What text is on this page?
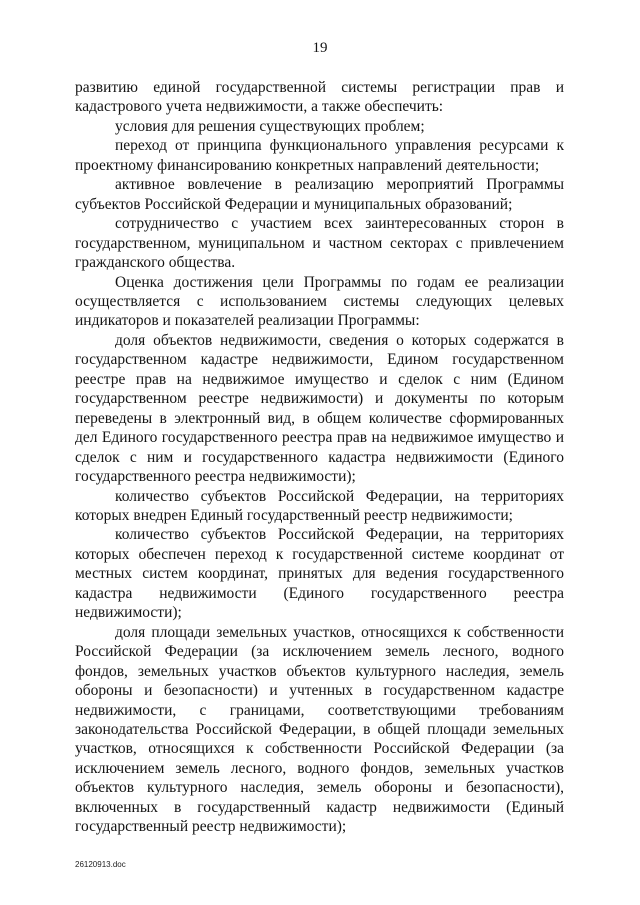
19

развитию единой государственной системы регистрации прав и кадастрового учета недвижимости, а также обеспечить:

условия для решения существующих проблем;

переход от принципа функционального управления ресурсами к проектному финансированию конкретных направлений деятельности;

активное вовлечение в реализацию мероприятий Программы субъектов Российской Федерации и муниципальных образований;

сотрудничество с участием всех заинтересованных сторон в государственном, муниципальном и частном секторах с привлечением гражданского общества.

Оценка достижения цели Программы по годам ее реализации осуществляется с использованием системы следующих целевых индикаторов и показателей реализации Программы:

доля объектов недвижимости, сведения о которых содержатся в государственном кадастре недвижимости, Едином государственном реестре прав на недвижимое имущество и сделок с ним (Едином государственном реестре недвижимости) и документы по которым переведены в электронный вид, в общем количестве сформированных дел Единого государственного реестра прав на недвижимое имущество и сделок с ним и государственного кадастра недвижимости (Единого государственного реестра недвижимости);

количество субъектов Российской Федерации, на территориях которых внедрен Единый государственный реестр недвижимости;

количество субъектов Российской Федерации, на территориях которых обеспечен переход к государственной системе координат от местных систем координат, принятых для ведения государственного кадастра недвижимости (Единого государственного реестра недвижимости);

доля площади земельных участков, относящихся к собственности Российской Федерации (за исключением земель лесного, водного фондов, земельных участков объектов культурного наследия, земель обороны и безопасности) и учтенных в государственном кадастре недвижимости, с границами, соответствующими требованиям законодательства Российской Федерации, в общей площади земельных участков, относящихся к собственности Российской Федерации (за исключением земель лесного, водного фондов, земельных участков объектов культурного наследия, земель обороны и безопасности), включенных в государственный кадастр недвижимости (Единый государственный реестр недвижимости);

26120913.doc
